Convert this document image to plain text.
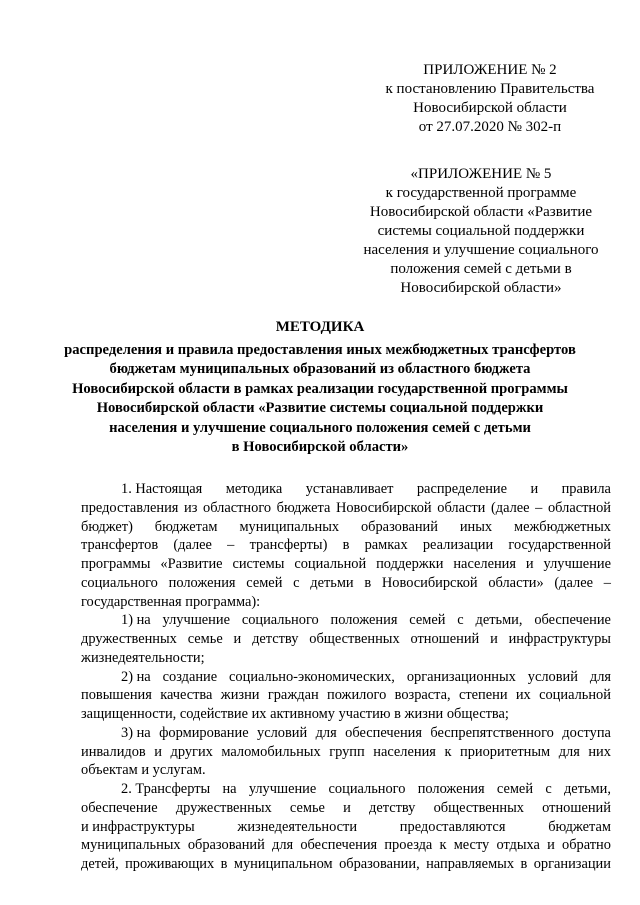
ПРИЛОЖЕНИЕ № 2
к постановлению Правительства
Новосибирской области
от 27.07.2020 № 302-п
«ПРИЛОЖЕНИЕ № 5
к государственной программе
Новосибирской области «Развитие
системы социальной поддержки
населения и улучшение социального
положения семей с детьми в
Новосибирской области»
МЕТОДИКА
распределения и правила предоставления иных межбюджетных трансфертов
бюджетам муниципальных образований из областного бюджета
Новосибирской области в рамках реализации государственной программы
Новосибирской области «Развитие системы социальной поддержки
населения и улучшение социального положения семей с детьми
в Новосибирской области»
1. Настоящая методика устанавливает распределение и правила
предоставления из областного бюджета Новосибирской области (далее – областной
бюджет) бюджетам муниципальных образований иных межбюджетных
трансфертов (далее – трансферты) в рамках реализации государственной
программы «Развитие системы социальной поддержки населения и улучшение
социального положения семей с детьми в Новосибирской области» (далее –
государственная программа):
1) на улучшение социального положения семей с детьми, обеспечение
дружественных семье и детству общественных отношений и инфраструктуры
жизнедеятельности;
2) на создание социально-экономических, организационных условий для
повышения качества жизни граждан пожилого возраста, степени их социальной
защищенности, содействие их активному участию в жизни общества;
3) на формирование условий для обеспечения беспрепятственного доступа
инвалидов и других маломобильных групп населения к приоритетным для них
объектам и услугам.
2. Трансферты на улучшение социального положения семей с детьми,
обеспечение дружественных семье и детству общественных отношений
и инфраструктуры	жизнедеятельности	предоставляются	бюджетам
муниципальных образований для обеспечения проезда к месту отдыха и обратно
детей, проживающих в муниципальном образовании, направляемых в организации
